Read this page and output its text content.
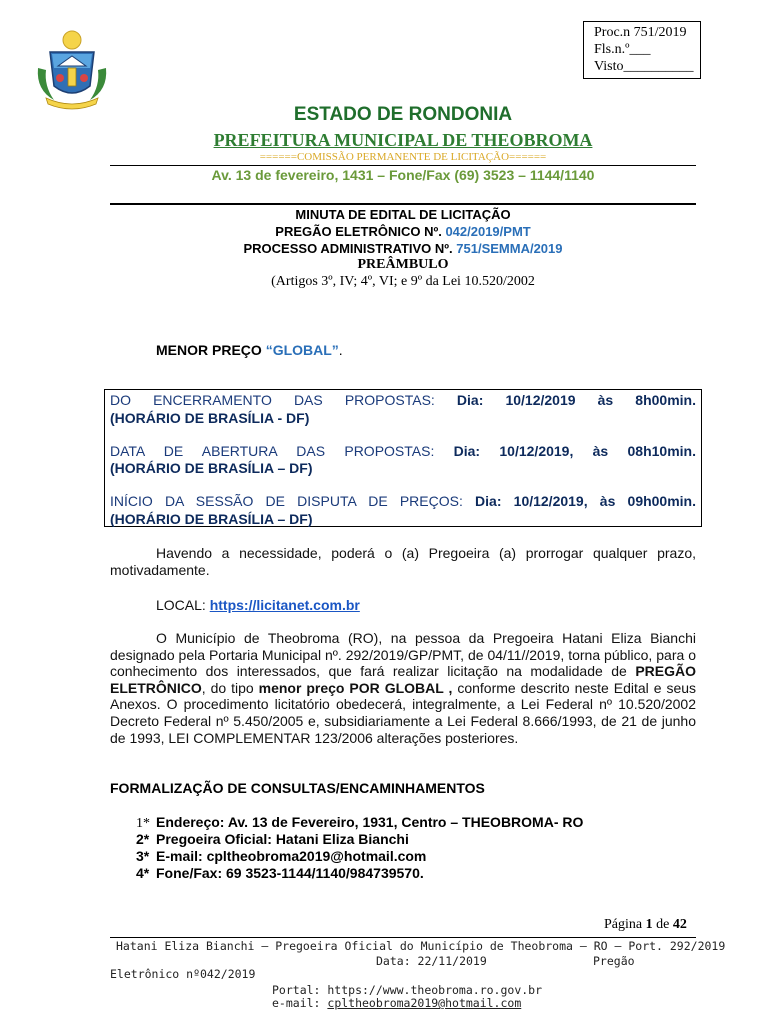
Proc.n 751/2019
Fls.n.º___
Visto__________
ESTADO DE RONDONIA
PREFEITURA MUNICIPAL DE THEOBROMA
======COMISSÃO PERMANENTE DE LICITAÇÃO======
Av. 13 de fevereiro, 1431 – Fone/Fax (69) 3523 – 1144/1140
MINUTA DE EDITAL DE LICITAÇÃO
PREGÃO ELETRÔNICO Nº. 042/2019/PMT
PROCESSO ADMINISTRATIVO Nº. 751/SEMMA/2019
PREÂMBULO
(Artigos 3º, IV; 4º, VI; e 9º da Lei 10.520/2002
MENOR PREÇO “GLOBAL”.
DO ENCERRAMENTO DAS PROPOSTAS: Dia: 10/12/2019 às 8h00min.
(HORÁRIO DE BRASÍLIA - DF)
DATA DE ABERTURA DAS PROPOSTAS: Dia: 10/12/2019, às 08h10min.
(HORÁRIO DE BRASÍLIA – DF)
INÍCIO DA SESSÃO DE DISPUTA DE PREÇOS: Dia: 10/12/2019, às 09h00min.
(HORÁRIO DE BRASÍLIA – DF)
Havendo a necessidade, poderá o (a) Pregoeira (a) prorrogar qualquer prazo, motivadamente.
LOCAL: https://licitanet.com.br
O Município de Theobroma (RO), na pessoa da Pregoeira Hatani Eliza Bianchi designado pela Portaria Municipal nº. 292/2019/GP/PMT, de 04/11//2019, torna público, para o conhecimento dos interessados, que fará realizar licitação na modalidade de PREGÃO ELETRÔNICO, do tipo menor preço POR GLOBAL , conforme descrito neste Edital e seus Anexos. O procedimento licitatório obedecerá, integralmente, a Lei Federal nº 10.520/2002 Decreto Federal nº 5.450/2005 e, subsidiariamente a Lei Federal 8.666/1993, de 21 de junho de 1993, LEI COMPLEMENTAR 123/2006 alterações posteriores.
FORMALIZAÇÃO DE CONSULTAS/ENCAMINHAMENTOS
1* Endereço: Av. 13 de Fevereiro, 1931, Centro – THEOBROMA- RO
2* Pregoeira Oficial: Hatani Eliza Bianchi
3* E-mail: cpltheobroma2019@hotmail.com
4* Fone/Fax: 69 3523-1144/1140/984739570.
Página 1 de 42
Hatani Eliza Bianchi – Pregoeira Oficial do Município de Theobroma – RO – Port. 292/2019
Data: 22/11/2019	Pregão
Eletrônico nº042/2019
Portal: https://www.theobroma.ro.gov.br
e-mail: cpltheobroma2019@hotmail.com
